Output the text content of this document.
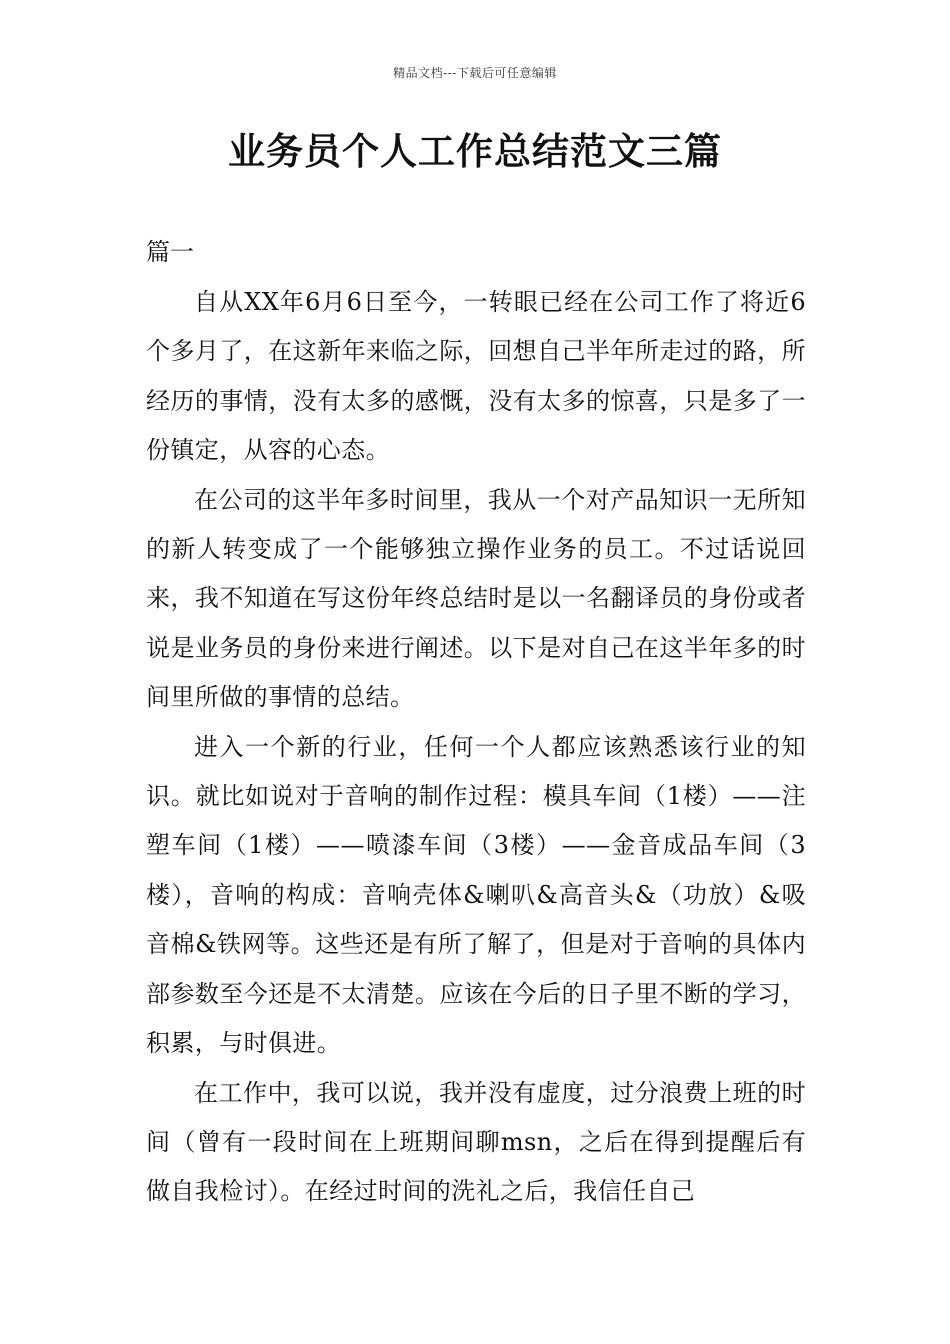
精品文档---下载后可任意编辑
业务员个人工作总结范文三篇

篇一

自从XX年6月6日至今，一转眼已经在公司工作了将近6个多月了，在这新年来临之际，回想自己半年所走过的路，所经历的事情，没有太多的感慨，没有太多的惊喜，只是多了一份镇定，从容的心态。

在公司的这半年多时间里，我从一个对产品知识一无所知的新人转变成了一个能够独立操作业务的员工。不过话说回来，我不知道在写这份年终总结时是以一名翻译员的身份或者说是业务员的身份来进行阐述。以下是对自己在这半年多的时间里所做的事情的总结。

进入一个新的行业，任何一个人都应该熟悉该行业的知识。就比如说对于音响的制作过程：模具车间（1楼）——注塑车间（1楼）——喷漆车间（3楼）——金音成品车间（3楼），音响的构成：音响壳体&喇叭&高音头&（功放）&吸音棉&铁网等。这些还是有所了解了，但是对于音响的具体内部参数至今还是不太清楚。应该在今后的日子里不断的学习，积累，与时俱进。

在工作中，我可以说，我并没有虚度，过分浪费上班的时间（曾有一段时间在上班期间聊msn，之后在得到提醒后有做自我检讨）。在经过时间的洗礼之后，我信任自己
